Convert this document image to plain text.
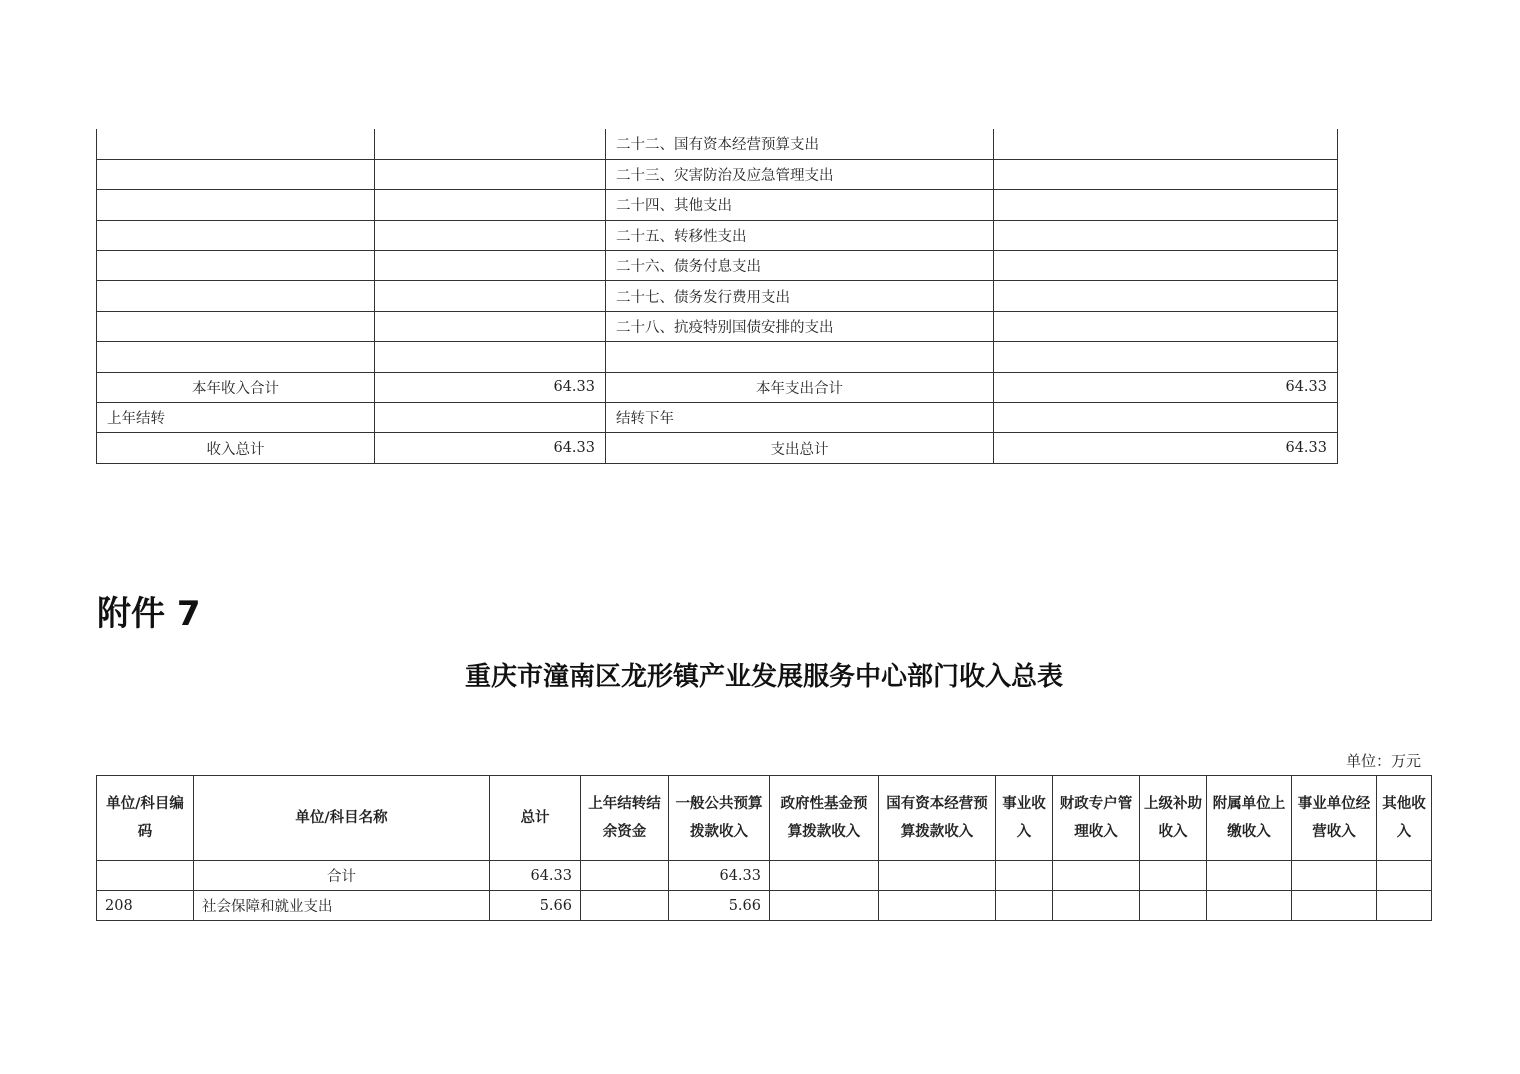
		二十二、国有资本经营预算支出	
		二十三、灾害防治及应急管理支出	
		二十四、其他支出	
		二十五、转移性支出	
		二十六、债务付息支出	
		二十七、债务发行费用支出	
		二十八、抗疫特别国债安排的支出	

本年收入合计	64.33	本年支出合计	64.33
上年结转		结转下年	
收入总计	64.33	支出总计	64.33
附件 7
重庆市潼南区龙形镇产业发展服务中心部门收入总表
单位：万元
单位/科目编码	单位/科目名称	总计	上年结转结余资金	一般公共预算拨款收入	政府性基金预算拨款收入	国有资本经营预算拨款收入	事业收入	财政专户管理收入	上级补助收入	附属单位上缴收入	事业单位经营收入	其他收入
	合计	64.33		64.33								
208	社会保障和就业支出	5.66		5.66								
